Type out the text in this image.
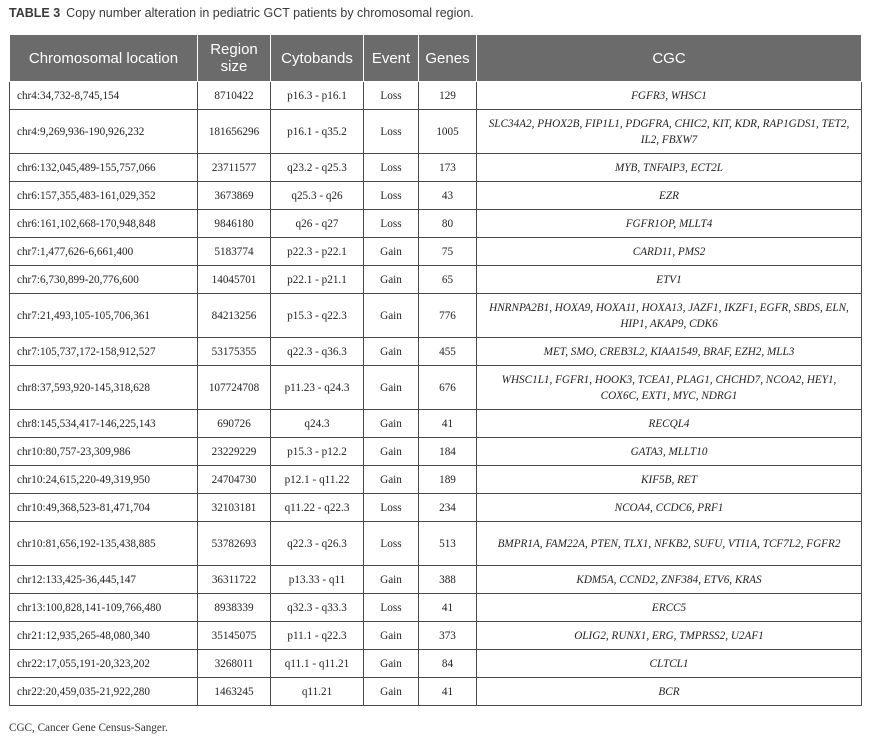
TABLE 3 Copy number alteration in pediatric GCT patients by chromosomal region.
Chromosomal location	Region size	Cytobands	Event	Genes	CGC
chr4:34,732-8,745,154	8710422	p16.3 - p16.1	Loss	129	FGFR3, WHSC1
chr4:9,269,936-190,926,232	181656296	p16.1 - q35.2	Loss	1005	SLC34A2, PHOX2B, FIP1L1, PDGFRA, CHIC2, KIT, KDR, RAP1GDS1, TET2, IL2, FBXW7
chr6:132,045,489-155,757,066	23711577	q23.2 - q25.3	Loss	173	MYB, TNFAIP3, ECT2L
chr6:157,355,483-161,029,352	3673869	q25.3 - q26	Loss	43	EZR
chr6:161,102,668-170,948,848	9846180	q26 - q27	Loss	80	FGFR1OP, MLLT4
chr7:1,477,626-6,661,400	5183774	p22.3 - p22.1	Gain	75	CARD11, PMS2
chr7:6,730,899-20,776,600	14045701	p22.1 - p21.1	Gain	65	ETV1
chr7:21,493,105-105,706,361	84213256	p15.3 - q22.3	Gain	776	HNRNPA2B1, HOXA9, HOXA11, HOXA13, JAZF1, IKZF1, EGFR, SBDS, ELN, HIP1, AKAP9, CDK6
chr7:105,737,172-158,912,527	53175355	q22.3 - q36.3	Gain	455	MET, SMO, CREB3L2, KIAA1549, BRAF, EZH2, MLL3
chr8:37,593,920-145,318,628	107724708	p11.23 - q24.3	Gain	676	WHSC1L1, FGFR1, HOOK3, TCEA1, PLAG1, CHCHD7, NCOA2, HEY1, COX6C, EXT1, MYC, NDRG1
chr8:145,534,417-146,225,143	690726	q24.3	Gain	41	RECQL4
chr10:80,757-23,309,986	23229229	p15.3 - p12.2	Gain	184	GATA3, MLLT10
chr10:24,615,220-49,319,950	24704730	p12.1 - q11.22	Gain	189	KIF5B, RET
chr10:49,368,523-81,471,704	32103181	q11.22 - q22.3	Loss	234	NCOA4, CCDC6, PRF1
chr10:81,656,192-135,438,885	53782693	q22.3 - q26.3	Loss	513	BMPR1A, FAM22A, PTEN, TLX1, NFKB2, SUFU, VTI1A, TCF7L2, FGFR2
chr12:133,425-36,445,147	36311722	p13.33 - q11	Gain	388	KDM5A, CCND2, ZNF384, ETV6, KRAS
chr13:100,828,141-109,766,480	8938339	q32.3 - q33.3	Loss	41	ERCC5
chr21:12,935,265-48,080,340	35145075	p11.1 - q22.3	Gain	373	OLIG2, RUNX1, ERG, TMPRSS2, U2AF1
chr22:17,055,191-20,323,202	3268011	q11.1 - q11.21	Gain	84	CLTCL1
chr22:20,459,035-21,922,280	1463245	q11.21	Gain	41	BCR
CGC, Cancer Gene Census-Sanger.
